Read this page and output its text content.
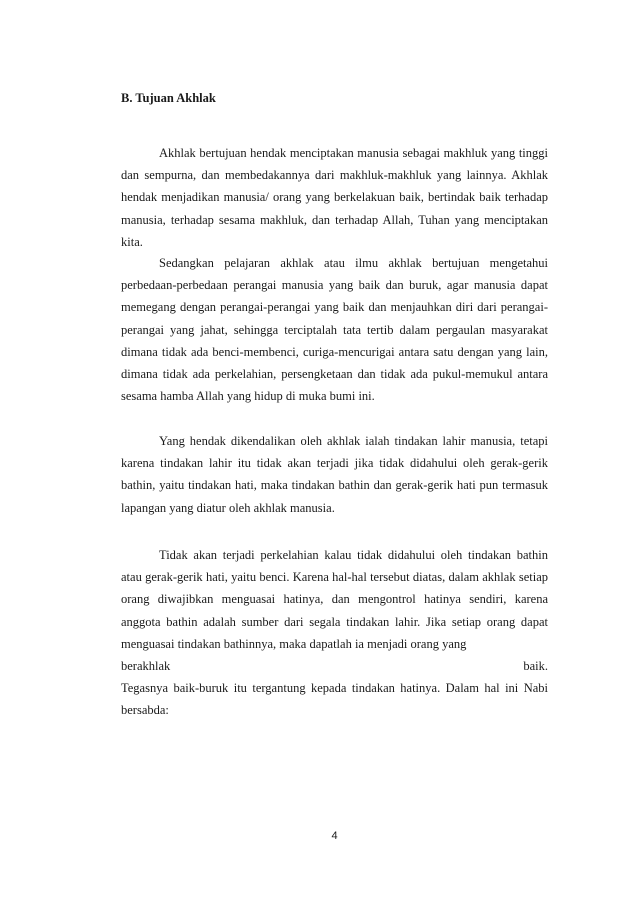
B. Tujuan Akhlak

Akhlak bertujuan hendak menciptakan manusia sebagai makhluk yang tinggi dan sempurna, dan membedakannya dari makhluk-makhluk yang lainnya. Akhlak hendak menjadikan manusia/ orang yang berkelakuan baik, bertindak baik terhadap manusia, terhadap sesama makhluk, dan terhadap Allah, Tuhan yang menciptakan kita.

Sedangkan pelajaran akhlak atau ilmu akhlak bertujuan mengetahui perbedaan-perbedaan perangai manusia yang baik dan buruk, agar manusia dapat memegang dengan perangai-perangai yang baik dan menjauhkan diri dari perangai-perangai yang jahat, sehingga terciptalah tata tertib dalam pergaulan masyarakat dimana tidak ada benci-membenci, curiga-mencurigai antara satu dengan yang lain, dimana tidak ada perkelahian, persengketaan dan tidak ada pukul-memukul antara sesama hamba Allah yang hidup di muka bumi ini.

Yang hendak dikendalikan oleh akhlak ialah tindakan lahir manusia, tetapi karena tindakan lahir itu tidak akan terjadi jika tidak didahului oleh gerak-gerik bathin, yaitu tindakan hati, maka tindakan bathin dan gerak-gerik hati pun termasuk lapangan yang diatur oleh akhlak manusia.

Tidak akan terjadi perkelahian kalau tidak didahului oleh tindakan bathin atau gerak-gerik hati, yaitu benci. Karena hal-hal tersebut diatas, dalam akhlak setiap orang diwajibkan menguasai hatinya, dan mengontrol hatinya sendiri, karena anggota bathin adalah sumber dari segala tindakan lahir. Jika setiap orang dapat menguasai tindakan bathinnya, maka dapatlah ia menjadi orang yang
berakhlak baik.
Tegasnya baik-buruk itu tergantung kepada tindakan hatinya. Dalam hal ini Nabi bersabda:
4
